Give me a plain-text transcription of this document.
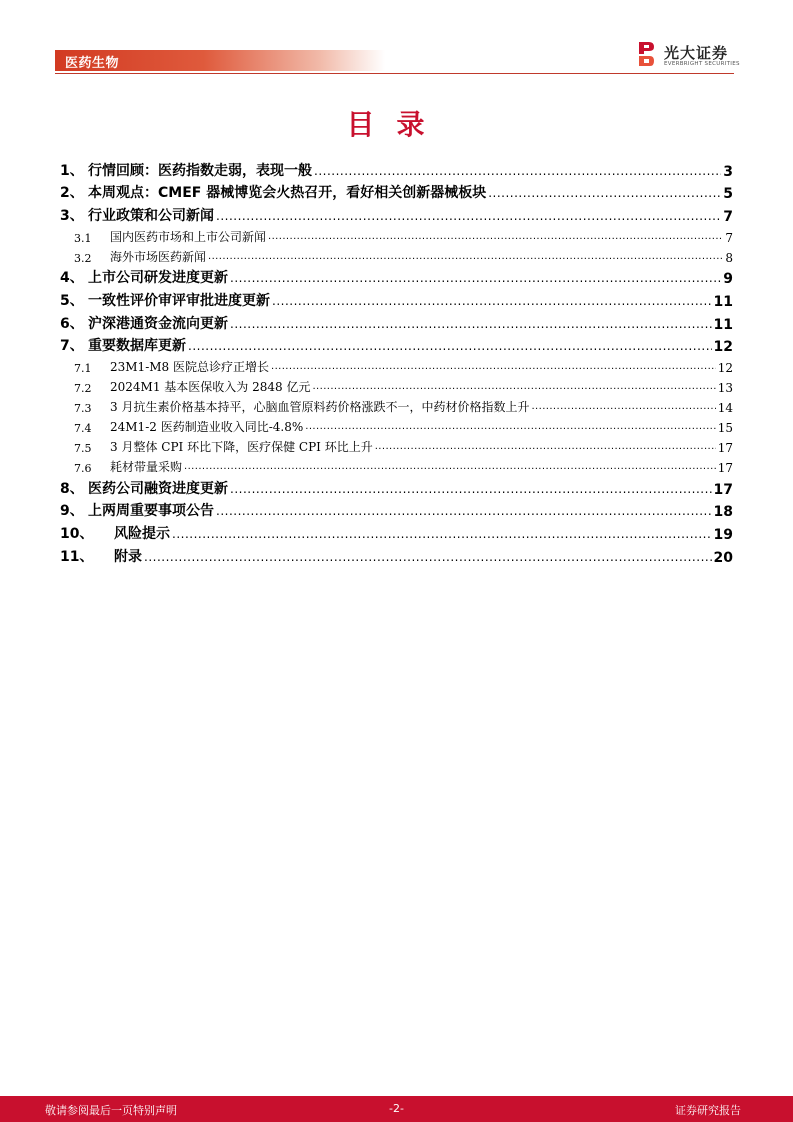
医药生物
光大证券
EVERBRIGHT SECURITIES
目录
1、 行情回顾：医药指数走弱，表现一般 .....	3
2、 本周观点：CMEF 器械博览会火热召开，看好相关创新器械板块 .....	5
3、 行业政策和公司新闻 .....	7
3.1	国内医药市场和上市公司新闻 .....	7
3.2	海外市场医药新闻 .....	8
4、 上市公司研发进度更新 .....	9
5、 一致性评价审评审批进度更新 .....	11
6、 沪深港通资金流向更新 .....	11
7、 重要数据库更新 .....	12
7.1	23M1-M8 医院总诊疗正增长 .....	12
7.2	2024M1 基本医保收入为 2848 亿元 .....	13
7.3	3 月抗生素价格基本持平，心脑血管原料药价格涨跌不一，中药材价格指数上升 .....	14
7.4	24M1-2 医药制造业收入同比-4.8% .....	15
7.5	3 月整体 CPI 环比下降，医疗保健 CPI 环比上升 .....	17
7.6	耗材带量采购 .....	17
8、 医药公司融资进度更新 .....	17
9、 上两周重要事项公告 .....	18
10、	风险提示 .....	19
11、	附录 .....	20
敬请参阅最后一页特别声明	-2-	证券研究报告
